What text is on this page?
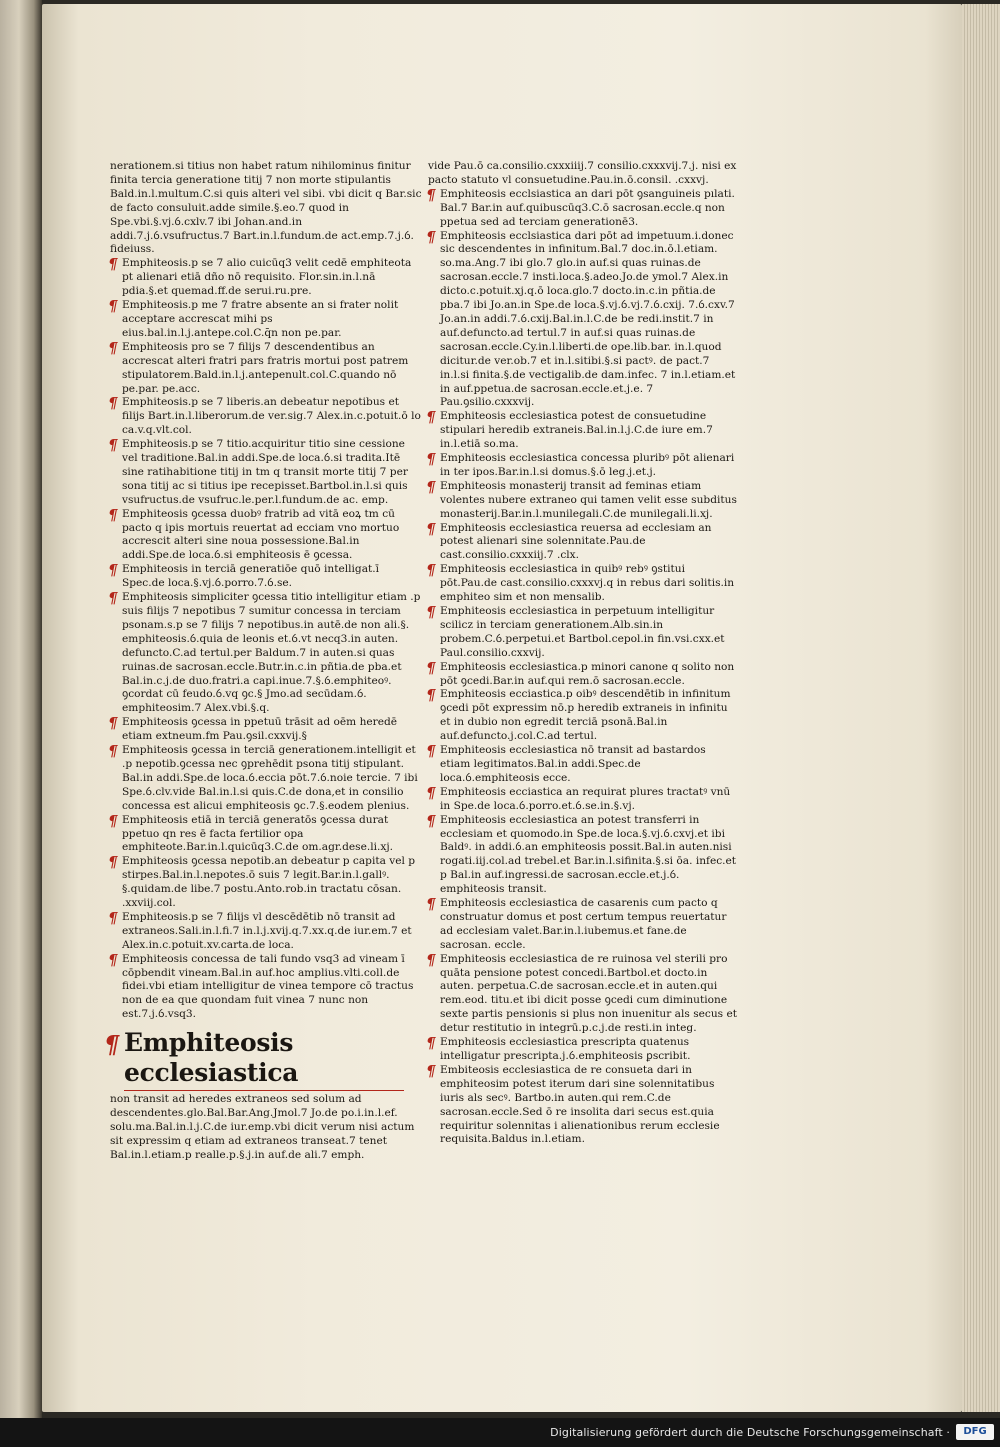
nerationem.si titius non habet ratum nihilominus finitur finita tercia generatione titij 7 non morte stipulantis Bald.in.l.multum.C.si quis alteri vel sibi. vbi dicit q Bar.sic de facto consuluit.adde simile.§.eo.7 quod in Spe.vbi.§.vj.ỽ.cxlv.7 ibi Johan.and.in addi.7.j.ỽ.vsufructus.7 Bart.in.l.fundum.de act.emp.7.j.ỽ. fideiuss.

¶ Emphiteosis.p se 7 alio cuicūq3 velit cedē emphiteota pt alienari etiā dño nō requisito. Flor.sin.in.l.nā pdia.§.et quemad.ff.de serui.ru.pre.

¶ Emphiteosis.p me 7 fratre absente an si frater nolit acceptare accrescat mihi ps eius.bal.in.l.j.antepe.col.C.q̄n non pe.par.

¶ Emphiteosis pro se 7 filijs 7 descendentibus an accrescat alteri fratri pars fratris mortui post patrem stipulatorem.Bald.in.l.j.antepenult.col.C.quando nō pe.par. pe.acc.

¶ Emphiteosis.p se 7 liberis.an debeatur nepotibus et filijs Bart.in.l.liberorum.de ver.sig.7 Alex.in.c.potuit.ō lo ca.v.q.vlt.col.

¶ Emphiteosis.p se 7 titio.acquiritur titio sine cessione vel traditione.Bal.in addi.Spe.de loca.ỽ.si tradita.Itē sine ratihabitione titij in tm q transit morte titij 7 per sona titij ac si titius ipe recepisset.Bartbol.in.l.si quis vsufructus.de vsufruc.le.per.l.fundum.de ac. emp.

¶ Emphiteosis ꝯcessa duobꝰ fratrib ad vitā eoꝝ tm cū pacto q ipis mortuis reuertat ad ecciam vno mortuo accrescit alteri sine noua possessione.Bal.in addi.Spe.de loca.ỽ.si emphiteosis ē ꝯcessa.

¶ Emphiteosis in terciā generatiōe quō intelligat.ī Spec.de loca.§.vj.ỽ.porro.7.ỽ.se.

¶ Emphiteosis simpliciter ꝯcessa titio intelligitur etiam .p suis filijs 7 nepotibus 7 sumitur concessa in terciam psonam.s.p se 7 filijs 7 nepotibus.in autē.de non ali.§. emphiteosis.ỽ.quia de leonis et.ỽ.vt necq3.in auten. defuncto.C.ad tertul.per Baldum.7 in auten.si quas ruinas.de sacrosan.eccle.Butr.in.c.in pñtia.de pba.et Bal.in.c.j.de duo.fratri.a capi.inue.7.§.ỽ.emphiteoꝰ. ꝯcordat cū feudo.ỽ.vq ꝯc.§ Jmo.ad secūdam.ỽ. emphiteosim.7 Alex.vbi.§.q.

¶ Emphiteosis ꝯcessa in ppetuū trāsit ad oēm heredē etiam extneum.fm Pau.ꝯsil.cxxvij.§

¶ Emphiteosis ꝯcessa in terciā generationem.intelligit et .p nepotib.ꝯcessa nec ꝯprehēdit psona titij stipulant. Bal.in addi.Spe.de loca.ỽ.eccia pōt.7.ỽ.noie tercie. 7 ibi Spe.ỽ.clv.vide Bal.in.l.si quis.C.de dona,et in consilio concessa est alicui emphiteosis ꝯc.7.§.eodem plenius.

¶ Emphiteosis etiā in terciā generatōs ꝯcessa durat ppetuo qn res ē facta fertilior opa emphiteote.Bar.in.l.quicūq3.C.de om.agr.dese.li.xj.

¶ Emphiteosis ꝯcessa nepotib.an debeatur p capita vel p stirpes.Bal.in.l.nepotes.ō suis 7 legit.Bar.in.l.gallꝰ. §.quidam.de libe.7 postu.Anto.rob.in tractatu cōsan. .xxviij.col.

¶ Emphiteosis.p se 7 filijs vl descēdētib nō transit ad extraneos.Sali.in.l.fi.7 in.l.j.xvij.q.7.xx.q.de iur.em.7 et Alex.in.c.potuit.xv.carta.de loca.

¶ Emphiteosis concessa de tali fundo vsq3 ad vineam ī cōpbendit vineam.Bal.in auf.hoc amplius.vlti.coll.de fidei.vbi etiam intelligitur de vinea tempore cō tractus non de ea que quondam fuit vinea 7 nunc non est.7.j.ỽ.vsq3.

¶ Emphiteosis ecclesiastica

non transit ad heredes extraneos sed solum ad descendentes.glo.Bal.Bar.Ang.Jmol.7 Jo.de po.i.in.l.ef. solu.ma.Bal.in.l.j.C.de iur.emp.vbi dicit verum nisi actum sit expressim q etiam ad extraneos transeat.7 tenet Bal.in.l.etiam.p realle.p.§.j.in auf.de ali.7 emph.

vide Pau.ō ca.consilio.cxxxiiij.7 consilio.cxxxvij.7.j. nisi ex pacto statuto vl consuetudine.Pau.in.ō.consil. .cxxvj.

¶ Emphiteosis ecclsiastica an dari pōt ꝯsanguineis pılati. Bal.7 Bar.in auf.quibuscūq3.C.ō sacrosan.eccle.q non ppetua sed ad terciam generationē3.

¶ Emphiteosis ecclsiastica dari pōt ad impetuum.i.donec sic descendentes in infinitum.Bal.7 doc.in.ō.l.etiam. so.ma.Ang.7 ibi glo.7 glo.in auf.si quas ruinas.de sacrosan.eccle.7 insti.loca.§.adeo.Jo.de ymol.7 Alex.in dicto.c.potuit.xj.q.ō loca.glo.7 docto.in.c.in pñtia.de pba.7 ibi Jo.an.in Spe.de loca.§.vj.ỽ.vj.7.ỽ.cxij. 7.ỽ.cxv.7 Jo.an.in addi.7.ỽ.cxij.Bal.in.l.C.de be redi.instit.7 in auf.defuncto.ad tertul.7 in auf.si quas ruinas.de sacrosan.eccle.Cy.in.l.liberti.de ope.lib.bar. in.l.quod dicitur.de ver.ob.7 et in.l.sitibi.§.si pactꝰ. de pact.7 in.l.si finita.§.de vectigalib.de dam.infec. 7 in.l.etiam.et in auf.ppetua.de sacrosan.eccle.et.j.e. 7 Pau.ꝯsilio.cxxxvij.

¶ Emphiteosis ecclesiastica potest de consuetudine stipulari heredib extraneis.Bal.in.l.j.C.de iure em.7 in.l.etiā so.ma.

¶ Emphiteosis ecclesiastica concessa pluribꝰ pōt alienari in ter ipos.Bar.in.l.si domus.§.ō leg.j.et.j.

¶ Emphiteosis monasterij transit ad feminas etiam volentes nubere extraneo qui tamen velit esse subditus monasterij.Bar.in.l.munilegali.C.de munilegali.li.xj.

¶ Emphiteosis ecclesiastica reuersa ad ecclesiam an potest alienari sine solennitate.Pau.de cast.consilio.cxxxiij.7 .clx.

¶ Emphiteosis ecclesiastica in quibꝰ rebꝰ ꝯstitui pōt.Pau.de cast.consilio.cxxxvj.q in rebus dari solitis.in emphiteo sim et non mensalib.

¶ Emphiteosis ecclesiastica in perpetuum intelligitur scilicz in terciam generationem.Alb.sin.in probem.C.ỽ.perpetui.et Bartbol.cepol.in fin.vsi.cxx.et Paul.consilio.cxxvij.

¶ Emphiteosis ecclesiastica.p minori canone q solito non pōt ꝯcedi.Bar.in auf.qui rem.ō sacrosan.eccle.

¶ Emphiteosis ecciastica.p oibꝰ descendētib in infinitum ꝯcedi pōt expressim nō.p heredib extraneis in infinitu et in dubio non egredit terciā psonā.Bal.in auf.defuncto.j.col.C.ad tertul.

¶ Emphiteosis ecclesiastica nō transit ad bastardos etiam legitimatos.Bal.in addi.Spec.de loca.ỽ.emphiteosis ecce.

¶ Emphiteosis ecciastica an requirat plures tractatꝰ vnū in Spe.de loca.ỽ.porro.et.ỽ.se.in.§.vj.

¶ Emphiteosis ecclesiastica an potest transferri in ecclesiam et quomodo.in Spe.de loca.§.vj.ỽ.cxvj.et ibi Baldꝰ. in addi.ỽ.an emphiteosis possit.Bal.in auten.nisi rogati.iij.col.ad trebel.et Bar.in.l.sifinita.§.si ōa. infec.et p Bal.in auf.ingressi.de sacrosan.eccle.et.j.ỽ. emphiteosis transit.

¶ Emphiteosis ecclesiastica de casarenis cum pacto q construatur domus et post certum tempus reuertatur ad ecclesiam valet.Bar.in.l.iubemus.et fane.de sacrosan. eccle.

¶ Emphiteosis ecclesiastica de re ruinosa vel sterili pro quāta pensione potest concedi.Bartbol.et docto.in auten. perpetua.C.de sacrosan.eccle.et in auten.qui rem.eod. titu.et ibi dicit posse ꝯcedi cum diminutione sexte partis pensionis si plus non inuenitur als secus et detur restitutio in integrū.p.c.j.de resti.in integ.

¶ Emphiteosis ecclesiastica prescripta quatenus intelligatur prescripta.j.ỽ.emphiteosis ꝑscribit.

¶ Embiteosis ecclesiastica de re consueta dari in emphiteosim potest iterum dari sine solennitatibus iuris als secꝰ. Bartbo.in auten.qui rem.C.de sacrosan.eccle.Sed ō re insolita dari secus est.quia requiritur solennitas i alienationibus rerum ecclesie requisita.Baldus in.l.etiam.

Digitalisierung gefördert durch die Deutsche Forschungsgemeinschaft ·	DFG
